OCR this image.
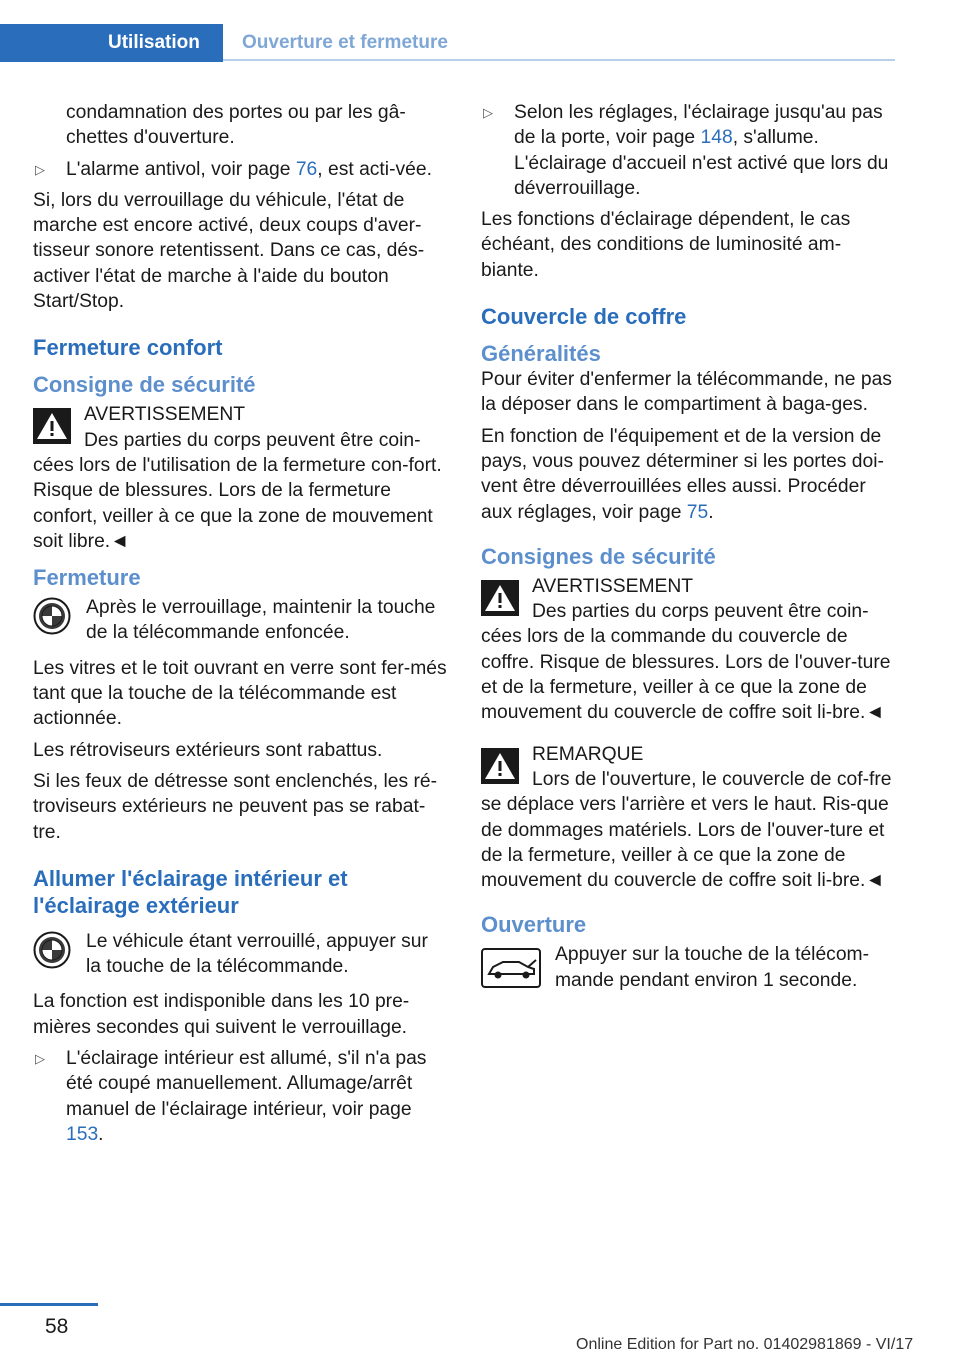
Utilisation	Ouverture et fermeture

condamnation des portes ou par les gâ-chettes d'ouverture.

▷ L'alarme antivol, voir page 76, est acti-vée.

Si, lors du verrouillage du véhicule, l'état de marche est encore activé, deux coups d'aver-tisseur sonore retentissent. Dans ce cas, dés-activer l'état de marche à l'aide du bouton Start/Stop.

Fermeture confort
Consigne de sécurité
AVERTISSEMENT
Des parties du corps peuvent être coin-cées lors de l'utilisation de la fermeture con-fort. Risque de blessures. Lors de la fermeture confort, veiller à ce que la zone de mouvement soit libre.◄
Fermeture
Après le verrouillage, maintenir la touche de la télécommande enfoncée.

Les vitres et le toit ouvrant en verre sont fer-més tant que la touche de la télécommande est actionnée.

Les rétroviseurs extérieurs sont rabattus.

Si les feux de détresse sont enclenchés, les ré-troviseurs extérieurs ne peuvent pas se rabat-tre.

Allumer l'éclairage intérieur et l'éclairage extérieur
Le véhicule étant verrouillé, appuyer sur la touche de la télécommande.

La fonction est indisponible dans les 10 pre-mières secondes qui suivent le verrouillage.

▷ L'éclairage intérieur est allumé, s'il n'a pas été coupé manuellement. Allumage/arrêt manuel de l'éclairage intérieur, voir page 153.
▷ Selon les réglages, l'éclairage jusqu'au pas de la porte, voir page 148, s'allume. L'éclairage d'accueil n'est activé que lors du déverrouillage.

Les fonctions d'éclairage dépendent, le cas échéant, des conditions de luminosité am-biante.

Couvercle de coffre
Généralités

Pour éviter d'enfermer la télécommande, ne pas la déposer dans le compartiment à baga-ges.

En fonction de l'équipement et de la version de pays, vous pouvez déterminer si les portes doi-vent être déverrouillées elles aussi. Procéder aux réglages, voir page 75.

Consignes de sécurité
AVERTISSEMENT
Des parties du corps peuvent être coin-cées lors de la commande du couvercle de coffre. Risque de blessures. Lors de l'ouver-ture et de la fermeture, veiller à ce que la zone de mouvement du couvercle de coffre soit li-bre.◄
REMARQUE
Lors de l'ouverture, le couvercle de cof-fre se déplace vers l'arrière et vers le haut. Ris-que de dommages matériels. Lors de l'ouver-ture et de la fermeture, veiller à ce que la zone de mouvement du couvercle de coffre soit li-bre.◄
Ouverture
Appuyer sur la touche de la télécom-mande pendant environ 1 seconde.
58
Online Edition for Part no. 01402981869 - VI/17
